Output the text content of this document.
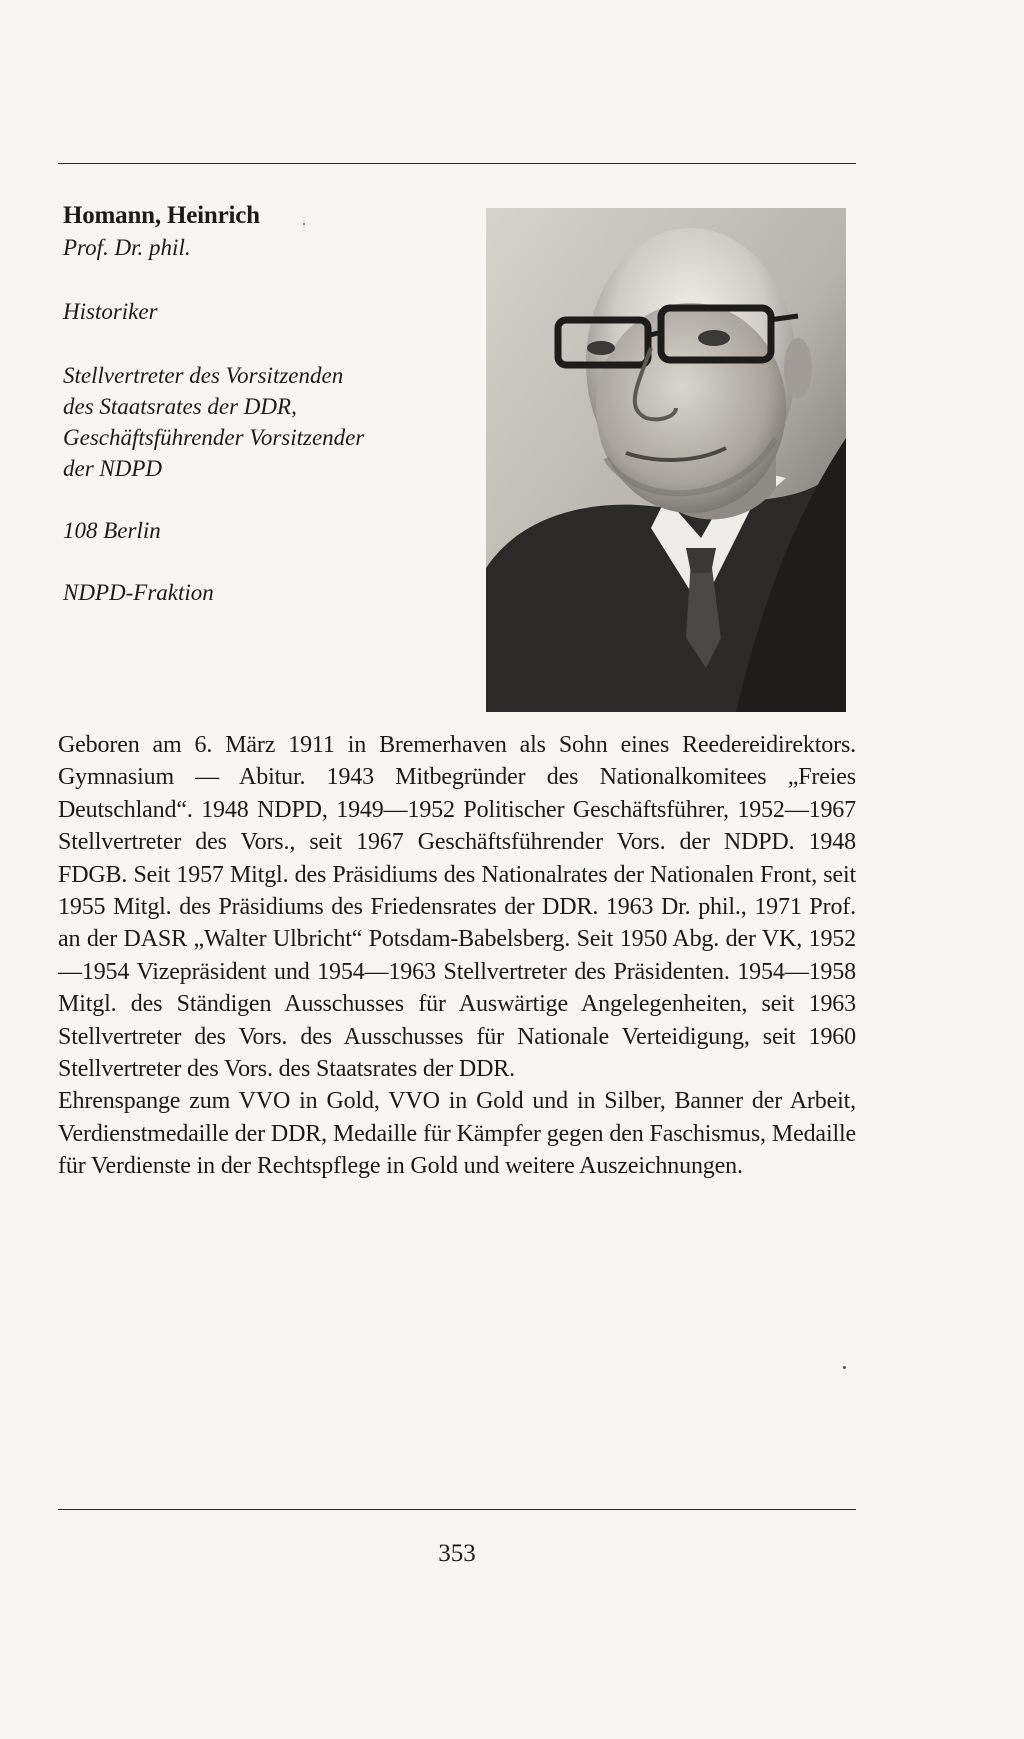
Homann, Heinrich
Prof. Dr. phil.
Historiker
Stellvertreter des Vorsitzenden
des Staatsrates der DDR,
Geschäftsführender Vorsitzender
der NDPD
108 Berlin
NDPD-Fraktion

Geboren am 6. März 1911 in Bremerhaven als Sohn eines Reedereidirektors. Gymnasium — Abitur. 1943 Mitbegründer des Nationalkomitees „Freies Deutschland“. 1948 NDPD, 1949—1952 Politischer Geschäftsführer, 1952—1967 Stellvertreter des Vors., seit 1967 Geschäftsführender Vors. der NDPD. 1948 FDGB. Seit 1957 Mitgl. des Präsidiums des Nationalrates der Nationalen Front, seit 1955 Mitgl. des Präsidiums des Friedensrates der DDR. 1963 Dr. phil., 1971 Prof. an der DASR „Walter Ulbricht“ Potsdam-Babelsberg. Seit 1950 Abg. der VK, 1952—1954 Vizepräsident und 1954—1963 Stellvertreter des Präsidenten. 1954—1958 Mitgl. des Ständigen Ausschusses für Auswärtige Angelegenheiten, seit 1963 Stellvertreter des Vors. des Ausschusses für Nationale Verteidigung, seit 1960 Stellvertreter des Vors. des Staatsrates der DDR.

Ehrenspange zum VVO in Gold, VVO in Gold und in Silber, Banner der Arbeit, Verdienstmedaille der DDR, Medaille für Kämpfer gegen den Faschismus, Medaille für Verdienste in der Rechtspflege in Gold und weitere Auszeichnungen.

353
